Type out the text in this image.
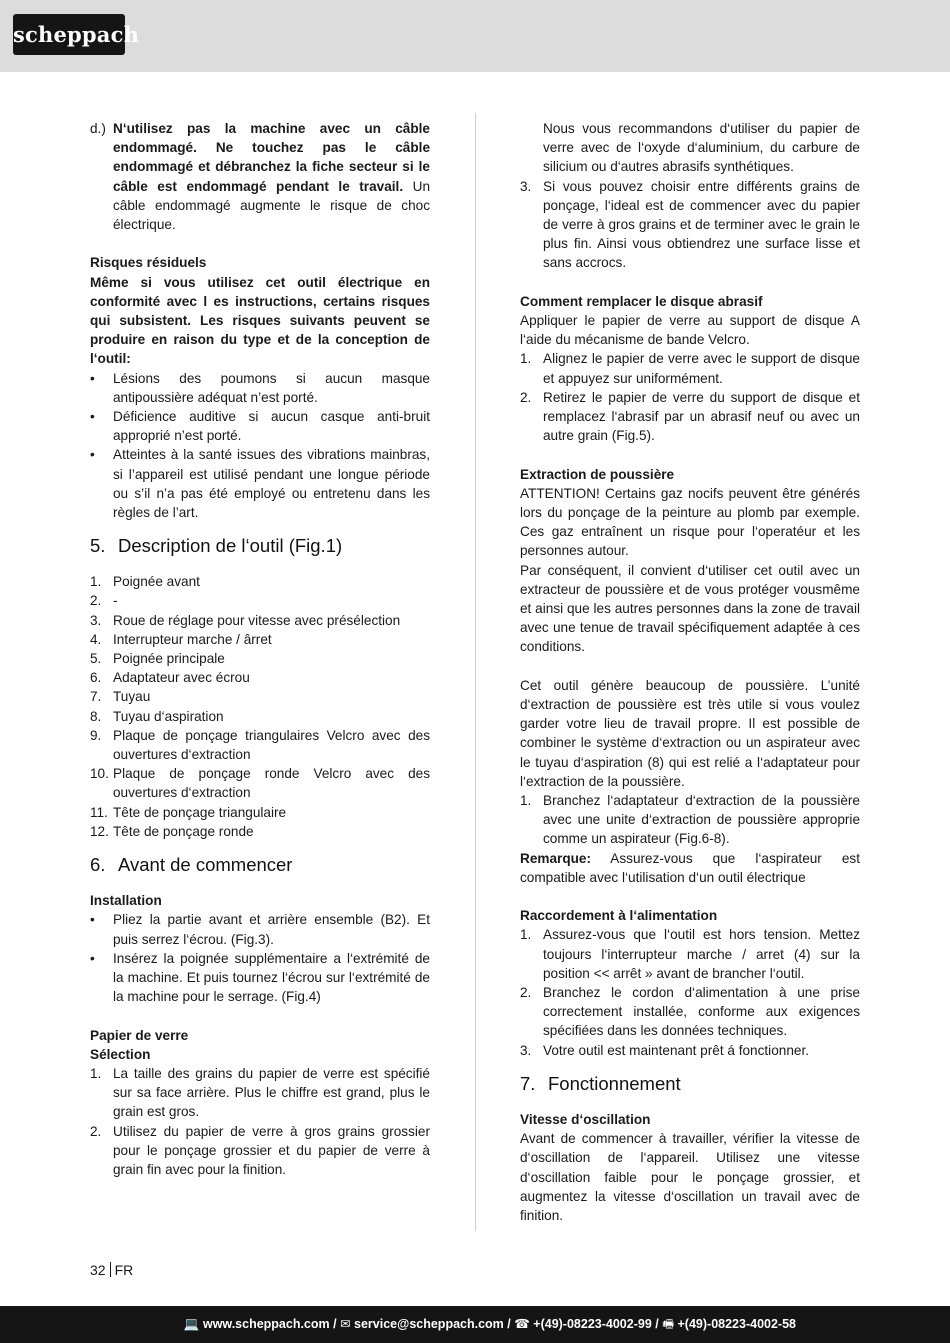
scheppach
d.) N‘utilisez pas la machine avec un câble endommagé. Ne touchez pas le câble endommagé et débranchez la fiche secteur si le câble est endommagé pendant le travail. Un câble endommagé augmente le risque de choc électrique.

Risques résiduels

Même si vous utilisez cet outil électrique en conformité avec l es instructions, certains risques qui subsistent. Les risques suivants peuvent se produire en raison du type et de la conception de l‘outil:

• Lésions des poumons si aucun masque antipoussière adéquat n’est porté.
• Déficience auditive si aucun casque anti-bruit approprié n’est porté.
• Atteintes à la santé issues des vibrations mainbras, si l’appareil est utilisé pendant une longue période ou s’il n’a pas été employé ou entretenu dans les règles de l’art.
5. Description de l‘outil (Fig.1)
1. Poignée avant
2. -
3. Roue de réglage pour vitesse avec présélection
4. Interrupteur marche / ârret
5. Poignée principale
6. Adaptateur avec écrou
7. Tuyau
8. Tuyau d‘aspiration
9. Plaque de ponçage triangulaires Velcro avec des ouvertures d‘extraction
10. Plaque de ponçage ronde Velcro avec des ouvertures d‘extraction
11. Tête de ponçage triangulaire
12. Tête de ponçage ronde
6. Avant de commencer

Installation

• Pliez la partie avant et arrière ensemble (B2). Et puis serrez l‘écrou. (Fig.3).
• Insérez la poignée supplémentaire a l‘extrémité de la machine. Et puis tournez l‘écrou sur l‘extrémité de la machine pour le serrage. (Fig.4)

Papier de verre

Sélection

1. La taille des grains du papier de verre est spécifié sur sa face arrière. Plus le chiffre est grand, plus le grain est gros.
2. Utilisez du papier de verre à gros grains grossier pour le ponçage grossier et du papier de verre à grain fin avec pour la finition.
Nous vous recommandons d‘utiliser du papier de verre avec de l‘oxyde d‘aluminium, du carbure de silicium ou d‘autres abrasifs synthétiques.
3. Si vous pouvez choisir entre différents grains de ponçage, l‘ideal est de commencer avec du papier de verre à gros grains et de terminer avec le grain le plus fin. Ainsi vous obtiendrez une surface lisse et sans accrocs.

Comment remplacer le disque abrasif

Appliquer le papier de verre au support de disque A l‘aide du mécanisme de bande Velcro.

1. Alignez le papier de verre avec le support de disque et appuyez sur uniformément.
2. Retirez le papier de verre du support de disque et remplacez l‘abrasif par un abrasif neuf ou avec un autre grain (Fig.5).

Extraction de poussière

ATTENTION! Certains gaz nocifs peuvent être générés lors du ponçage de la peinture au plomb par exemple. Ces gaz entraînent un risque pour l‘operatéur et les personnes autour.

Par conséquent, il convient d‘utiliser cet outil avec un extracteur de poussière et de vous protéger vousmême et ainsi que les autres personnes dans la zone de travail avec une tenue de travail spécifiquement adaptée à ces conditions.

Cet outil génère beaucoup de poussière. L’unité d‘extraction de poussière est très utile si vous voulez garder votre lieu de travail propre. Il est possible de combiner le système d‘extraction ou un aspirateur avec le tuyau d‘aspiration (8) qui est relié a l‘adaptateur pour l‘extraction de la poussière.

1. Branchez l‘adaptateur d‘extraction de la poussière avec une unite d‘extraction de poussière approprie comme un aspirateur (Fig.6-8).

Remarque: Assurez-vous que l‘aspirateur est compatible avec l‘utilisation d‘un outil électrique

Raccordement à l‘alimentation

1. Assurez-vous que l‘outil est hors tension. Mettez toujours l‘interrupteur marche / arret (4) sur la position << arrêt » avant de brancher l‘outil.
2. Branchez le cordon d‘alimentation à une prise correctement installée, conforme aux exigences spécifiées dans les données techniques.
3. Votre outil est maintenant prêt á fonctionner.
7. Fonctionnement

Vitesse d‘oscillation

Avant de commencer à travailler, vérifier la vitesse de d‘oscillation de l‘appareil. Utilisez une vitesse d‘oscillation faible pour le ponçage grossier, et augmentez la vitesse d‘oscillation un travail avec de finition.

32 FR
💻 www.scheppach.com / ✉ service@scheppach.com / ☎ +(49)-08223-4002-99 / 🖷 +(49)-08223-4002-58
